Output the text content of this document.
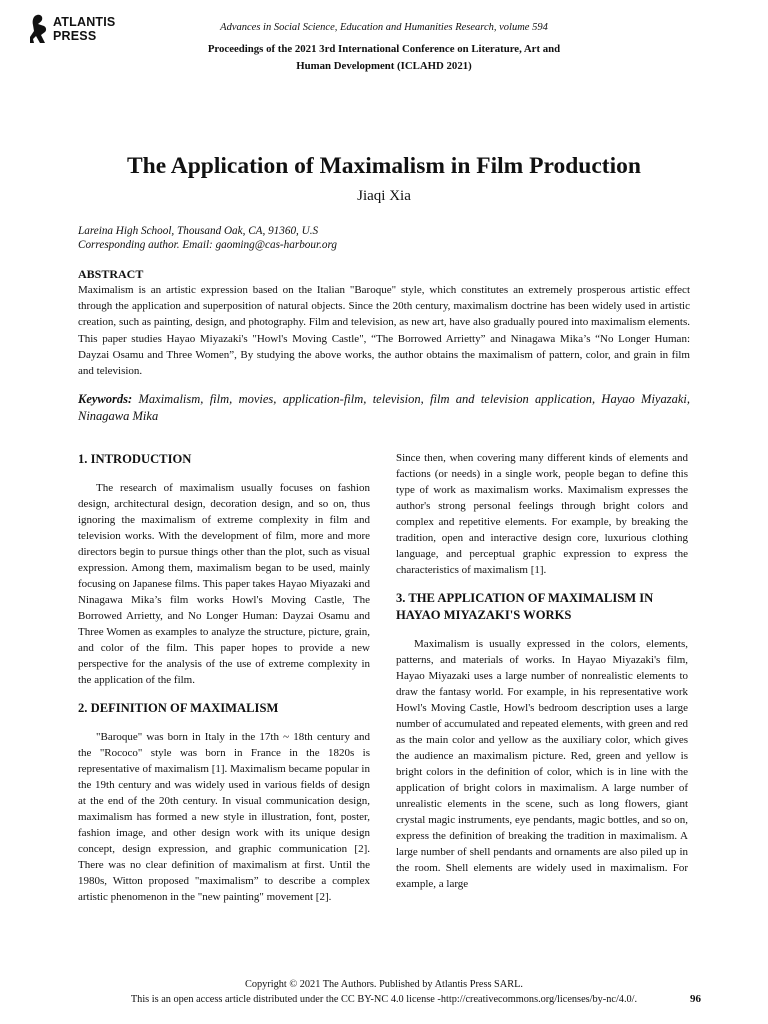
ATLANTIS
PRESS
Advances in Social Science, Education and Humanities Research, volume 594
Proceedings of the 2021 3rd International Conference on Literature, Art and
Human Development (ICLAHD 2021)
The Application of Maximalism in Film Production
Jiaqi Xia
Lareina High School, Thousand Oak, CA, 91360, U.S
Corresponding author. Email: gaoming@cas-harbour.org
ABSTRACT

Maximalism is an artistic expression based on the Italian "Baroque" style, which constitutes an extremely prosperous artistic effect through the application and superposition of natural objects. Since the 20th century, maximalism doctrine has been widely used in artistic creation, such as painting, design, and photography. Film and television, as new art, have also gradually poured into maximalism elements. This paper studies Hayao Miyazaki's "Howl's Moving Castle", “The Borrowed Arrietty” and Ninagawa Mika’s “No Longer Human: Dayzai Osamu and Three Women”, By studying the above works, the author obtains the maximalism of pattern, color, and grain in film and television.

Keywords: Maximalism, film, movies, application-film, television, film and television application, Hayao Miyazaki, Ninagawa Mika

1. INTRODUCTION

The research of maximalism usually focuses on fashion design, architectural design, decoration design, and so on, thus ignoring the maximalism of extreme complexity in film and television works. With the development of film, more and more directors begin to pursue things other than the plot, such as visual expression. Among them, maximalism began to be used, mainly focusing on Japanese films. This paper takes Hayao Miyazaki and Ninagawa Mika’s film works Howl's Moving Castle, The Borrowed Arrietty, and No Longer Human: Dayzai Osamu and Three Women as examples to analyze the structure, picture, grain, and color of the film. This paper hopes to provide a new perspective for the analysis of the use of extreme complexity in the application of the film.

2. DEFINITION OF MAXIMALISM

"Baroque" was born in Italy in the 17th ~ 18th century and the "Rococo" style was born in France in the 1820s is representative of maximalism [1]. Maximalism became popular in the 19th century and was widely used in various fields of design at the end of the 20th century. In visual communication design, maximalism has formed a new style in illustration, font, poster, fashion image, and other design work with its unique design concept, design expression, and graphic communication [2]. There was no clear definition of maximalism at first. Until the 1980s, Witton proposed "maximalism” to describe a complex artistic phenomenon in the "new painting" movement [2].

Since then, when covering many different kinds of elements and factions (or needs) in a single work, people began to define this type of work as maximalism works. Maximalism expresses the author's strong personal feelings through bright colors and complex and repetitive elements. For example, by breaking the tradition, open and interactive design core, luxurious clothing language, and perceptual graphic expression to express the characteristics of maximalism [1].

3. THE APPLICATION OF MAXIMALISM IN HAYAO MIYAZAKI'S WORKS

Maximalism is usually expressed in the colors, elements, patterns, and materials of works. In Hayao Miyazaki's film, Hayao Miyazaki uses a large number of nonrealistic elements to draw the fantasy world. For example, in his representative work Howl's Moving Castle, Howl's bedroom description uses a large number of accumulated and repeated elements, with green and red as the main color and yellow as the auxiliary color, which gives the audience an maximalism picture. Red, green and yellow is bright colors in the definition of color, which is in line with the application of bright colors in maximalism. A large number of unrealistic elements in the scene, such as long flowers, giant crystal magic instruments, eye pendants, magic bottles, and so on, express the definition of breaking the tradition in maximalism. A large number of shell pendants and ornaments are also piled up in the room. Shell elements are widely used in maximalism. For example, a large

Copyright © 2021 The Authors. Published by Atlantis Press SARL.
This is an open access article distributed under the CC BY-NC 4.0 license -http://creativecommons.org/licenses/by-nc/4.0/.	96
